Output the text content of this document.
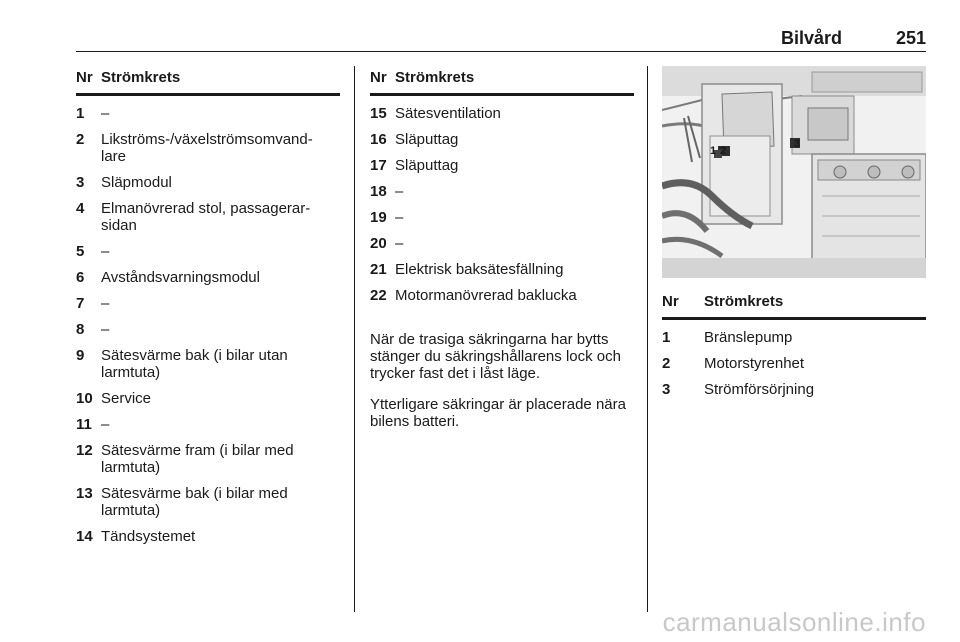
Bilvård	251
Nr Strömkrets
1	–
2	Likströms-/växelströmsomvand-
lare
3	Släpmodul
4	Elmanövrerad stol, passagerar-
sidan
5	–
6	Avståndsvarningsmodul
7	–
8	–
9	Sätesvärme bak (i bilar utan
larmtuta)
10 Service
11 –
12 Sätesvärme fram (i bilar med
larmtuta)
13 Sätesvärme bak (i bilar med
larmtuta)
14 Tändsystemet
Nr Strömkrets
15 Sätesventilation
16 Släputtag
17 Släputtag
18 –
19 –
20 –
21 Elektrisk baksätesfällning
22 Motormanövrerad baklucka
När de trasiga säkringarna har bytts stänger du säkringshållarens lock och trycker fast det i låst läge.
Ytterligare säkringar är placerade nära bilens batteri.
1 2
3
Nr Strömkrets
1	Bränslepump
2	Motorstyrenhet
3	Strömförsörjning
carmanualsonline.info
